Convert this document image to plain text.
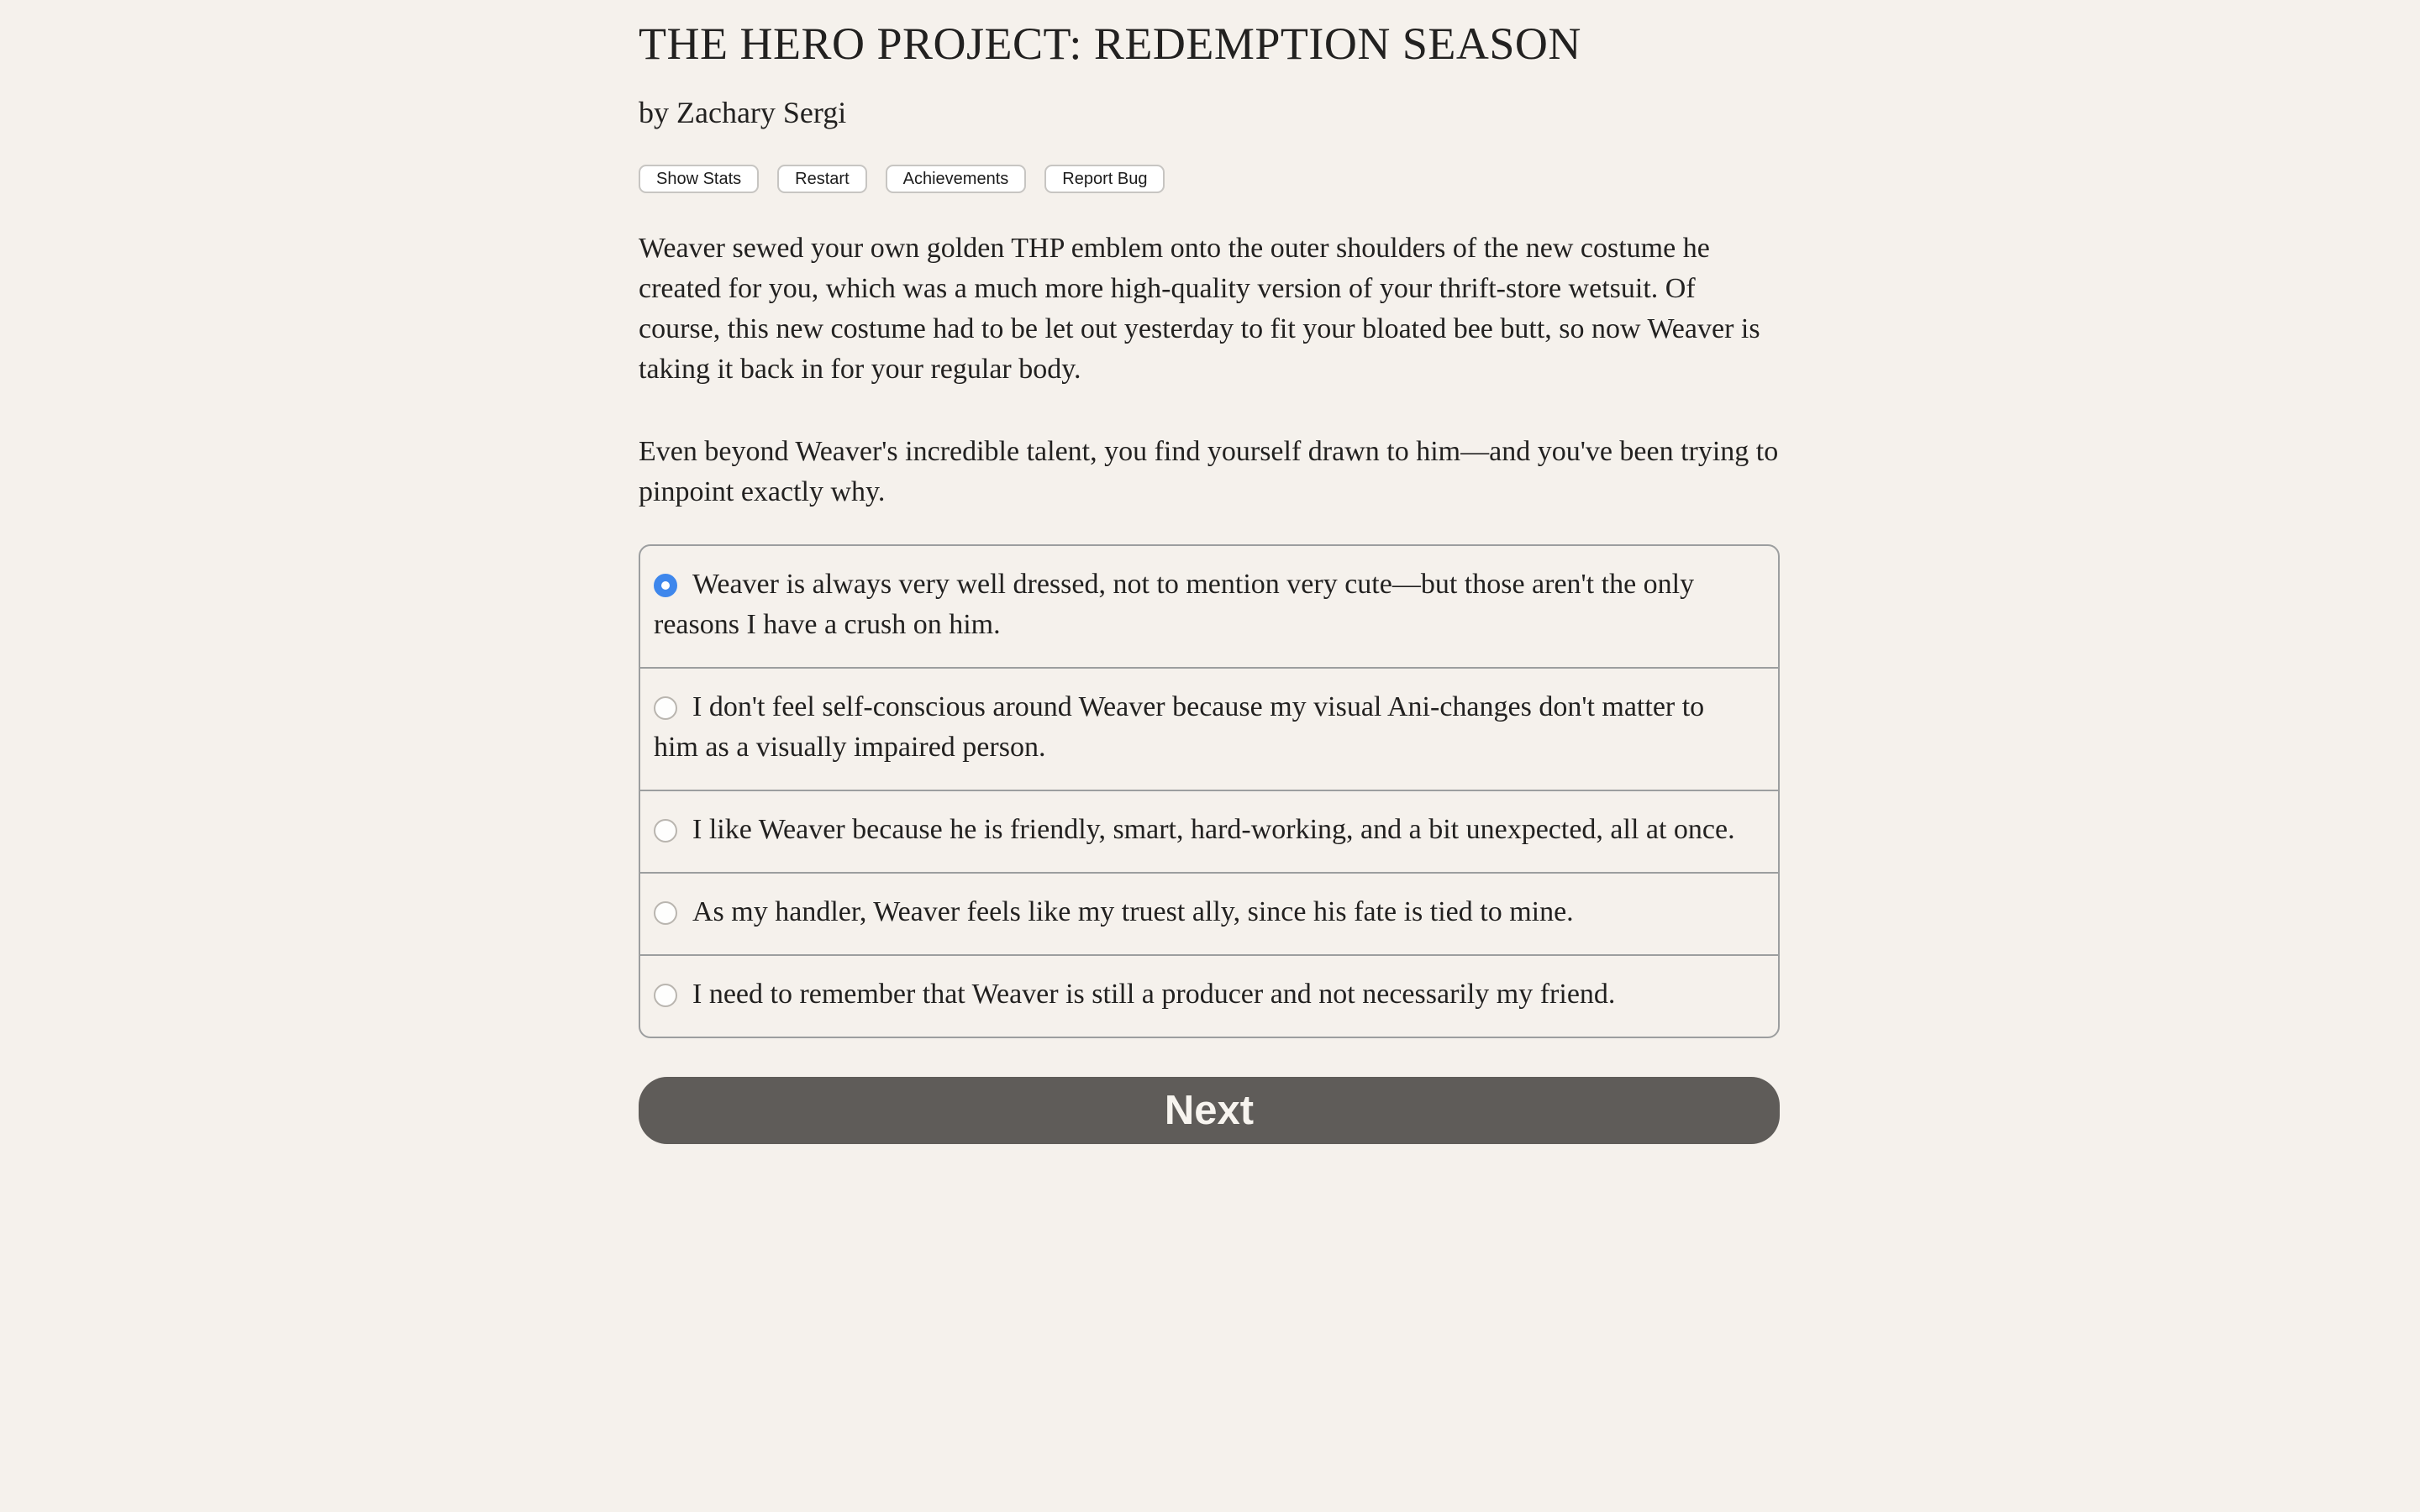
THE HERO PROJECT: REDEMPTION SEASON
by Zachary Sergi
Show Stats	Restart	Achievements	Report Bug

Weaver sewed your own golden THP emblem onto the outer shoulders of the new costume he created for you, which was a much more high-quality version of your thrift-store wetsuit. Of course, this new costume had to be let out yesterday to fit your bloated bee butt, so now Weaver is taking it back in for your regular body.

Even beyond Weaver's incredible talent, you find yourself drawn to him—and you've been trying to pinpoint exactly why.

Weaver is always very well dressed, not to mention very cute—but those aren't the only reasons I have a crush on him.
I don't feel self-conscious around Weaver because my visual Ani-changes don't matter to him as a visually impaired person.
I like Weaver because he is friendly, smart, hard-working, and a bit unexpected, all at once.
As my handler, Weaver feels like my truest ally, since his fate is tied to mine.
I need to remember that Weaver is still a producer and not necessarily my friend.
Next
